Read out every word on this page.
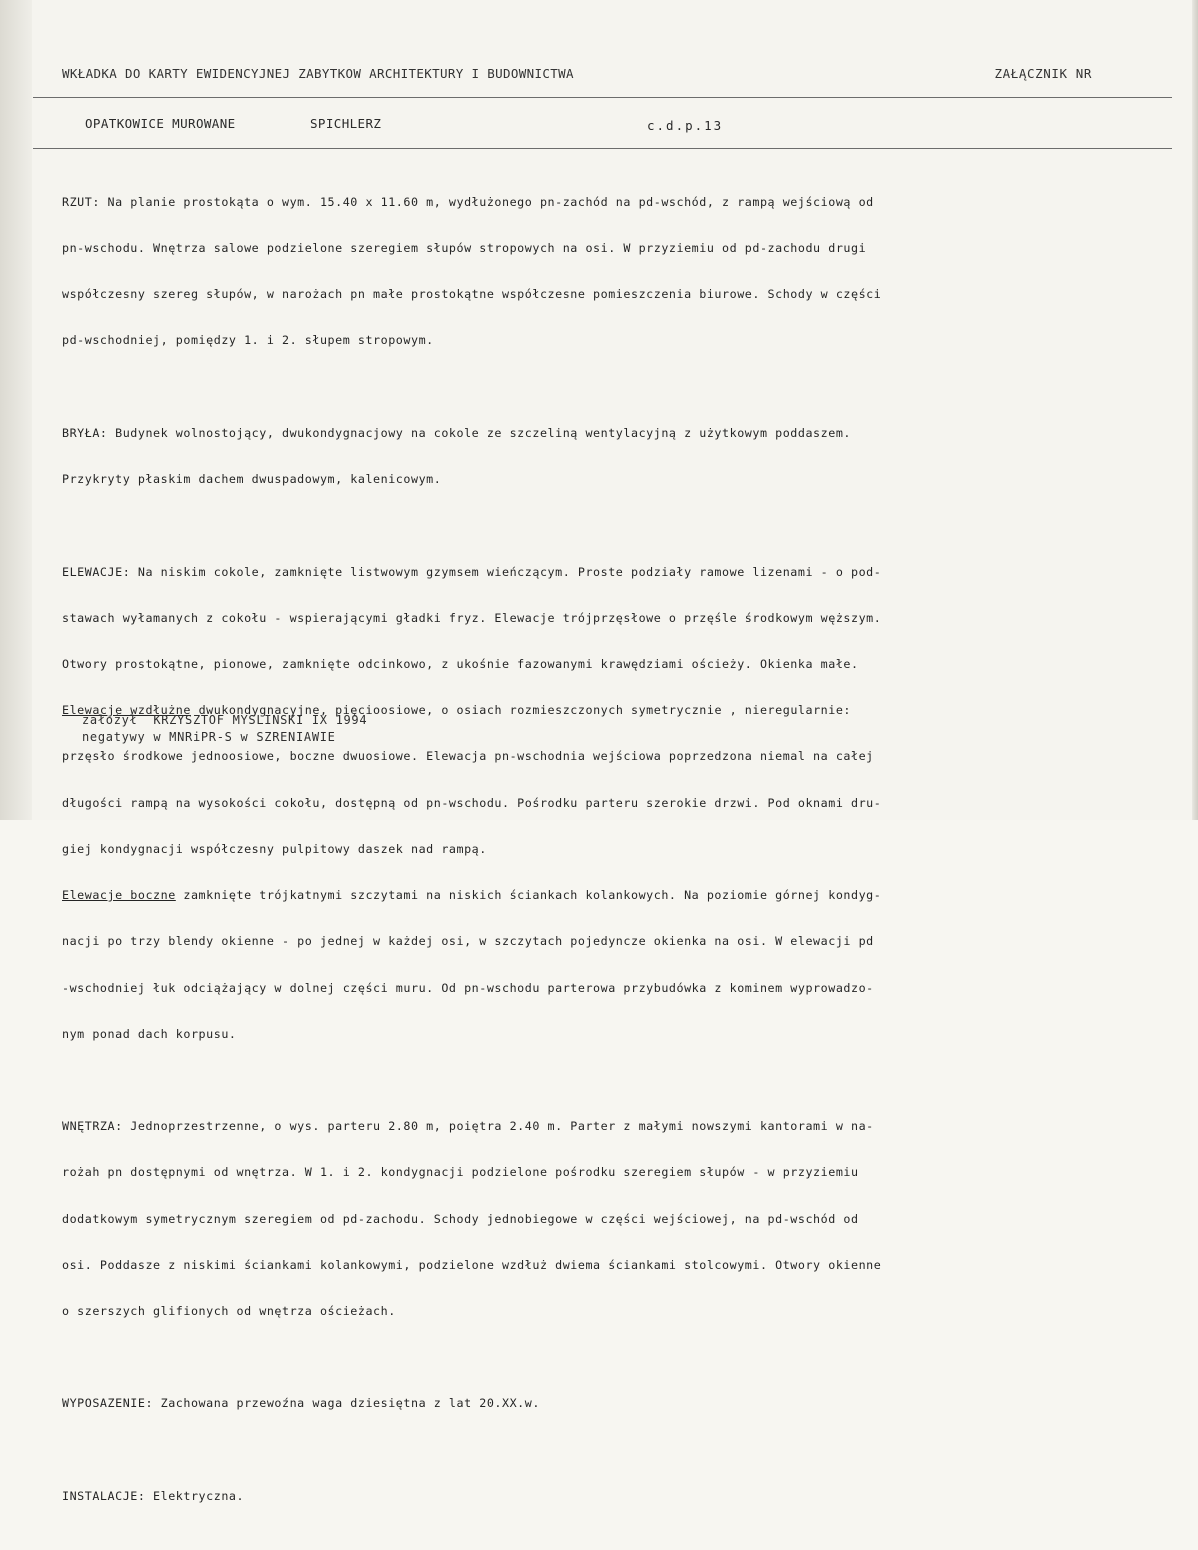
WKŁADKA DO KARTY EWIDENCYJNEJ ZABYTKOW ARCHITEKTURY I BUDOWNICTWA	ZAŁĄCZNIK NR
OPATKOWICE MUROWANE	SPICHLERZ	c.d.p.13

RZUT: Na planie prostokąta o wym. 15.40 x 11.60 m, wydłużonego pn-zachód na pd-wschód, z rampą wejściową od

pn-wschodu. Wnętrza salowe podzielone szeregiem słupów stropowych na osi. W przyziemiu od pd-zachodu drugi

współczesny szereg słupów, w narożach pn małe prostokątne współczesne pomieszczenia biurowe. Schody w części

pd-wschodniej, pomiędzy 1. i 2. słupem stropowym.

BRYŁA: Budynek wolnostojący, dwukondygnacjowy na cokole ze szczeliną wentylacyjną z użytkowym poddaszem.

Przykryty płaskim dachem dwuspadowym, kalenicowym.

ELEWACJE: Na niskim cokole, zamknięte listwowym gzymsem wieńczącym. Proste podziały ramowe lizenami - o pod-

stawach wyłamanych z cokołu - wspierającymi gładki fryz. Elewacje trójprzęsłowe o przęśle środkowym węższym.

Otwory prostokątne, pionowe, zamknięte odcinkowo, z ukośnie fazowanymi krawędziami ościeży. Okienka małe.

Elewacje wzdłużne dwukondygnacyjne, pięcioosiowe, o osiach rozmieszczonych symetrycznie , nieregularnie:

przęsło środkowe jednoosiowe, boczne dwuosiowe. Elewacja pn-wschodnia wejściowa poprzedzona niemal na całej

długości rampą na wysokości cokołu, dostępną od pn-wschodu. Pośrodku parteru szerokie drzwi. Pod oknami dru-

giej kondygnacji współczesny pulpitowy daszek nad rampą.

Elewacje boczne zamknięte trójkatnymi szczytami na niskich ściankach kolankowych. Na poziomie górnej kondyg-

nacji po trzy blendy okienne - po jednej w każdej osi, w szczytach pojedyncze okienka na osi. W elewacji pd

-wschodniej łuk odciążający w dolnej części muru. Od pn-wschodu parterowa przybudówka z kominem wyprowadzo-

nym ponad dach korpusu.

WNĘTRZA: Jednoprzestrzenne, o wys. parteru 2.80 m, poiętra 2.40 m. Parter z małymi nowszymi kantorami w na-

rożah pn dostępnymi od wnętrza. W 1. i 2. kondygnacji podzielone pośrodku szeregiem słupów - w przyziemiu

dodatkowym symetrycznym szeregiem od pd-zachodu. Schody jednobiegowe w części wejściowej, na pd-wschód od

osi. Poddasze z niskimi ściankami kolankowymi, podzielone wzdłuż dwiema ściankami stolcowymi. Otwory okienne

o szerszych glifionych od wnętrza ościeżach.

WYPOSAZENIE: Zachowana przewoźna waga dziesiętna z lat 20.XX.w.

INSTALACJE: Elektryczna.

założył  KRZYSZTOF MYSLINSKI IX 1994
negatywy w MNRiPR-S w SZRENIAWIE
